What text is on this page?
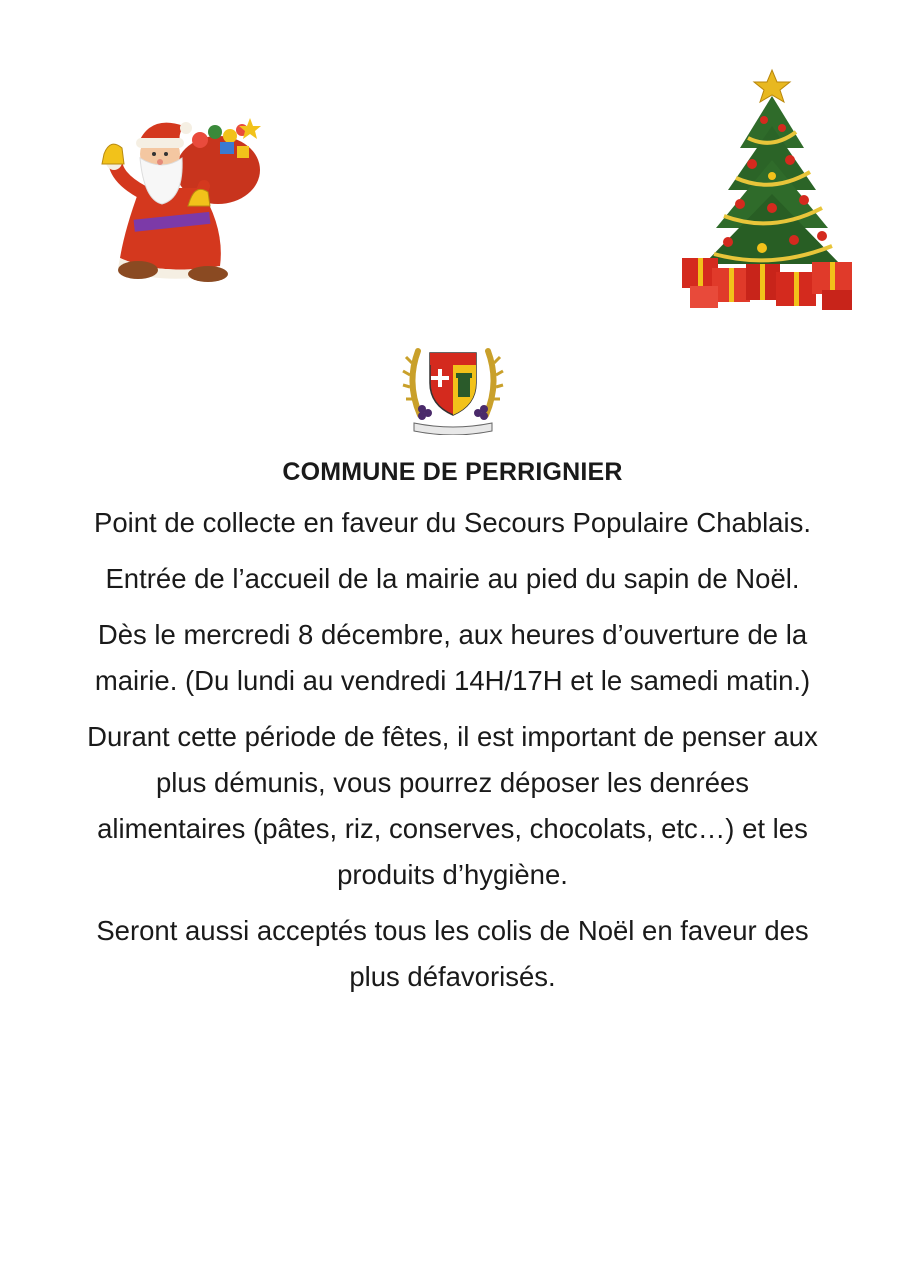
COMMUNE DE PERRIGNIER

Point de collecte en faveur du Secours Populaire Chablais.

Entrée de l’accueil de la mairie au pied du sapin de Noël.

Dès le mercredi 8 décembre, aux heures d’ouverture de la mairie. (Du lundi au vendredi 14H/17H et le samedi matin.)

Durant cette période de fêtes, il est important de penser aux plus démunis, vous pourrez déposer les denrées alimentaires (pâtes, riz, conserves, chocolats, etc…) et les produits d’hygiène.

Seront aussi acceptés tous les colis de Noël en faveur des plus défavorisés.
